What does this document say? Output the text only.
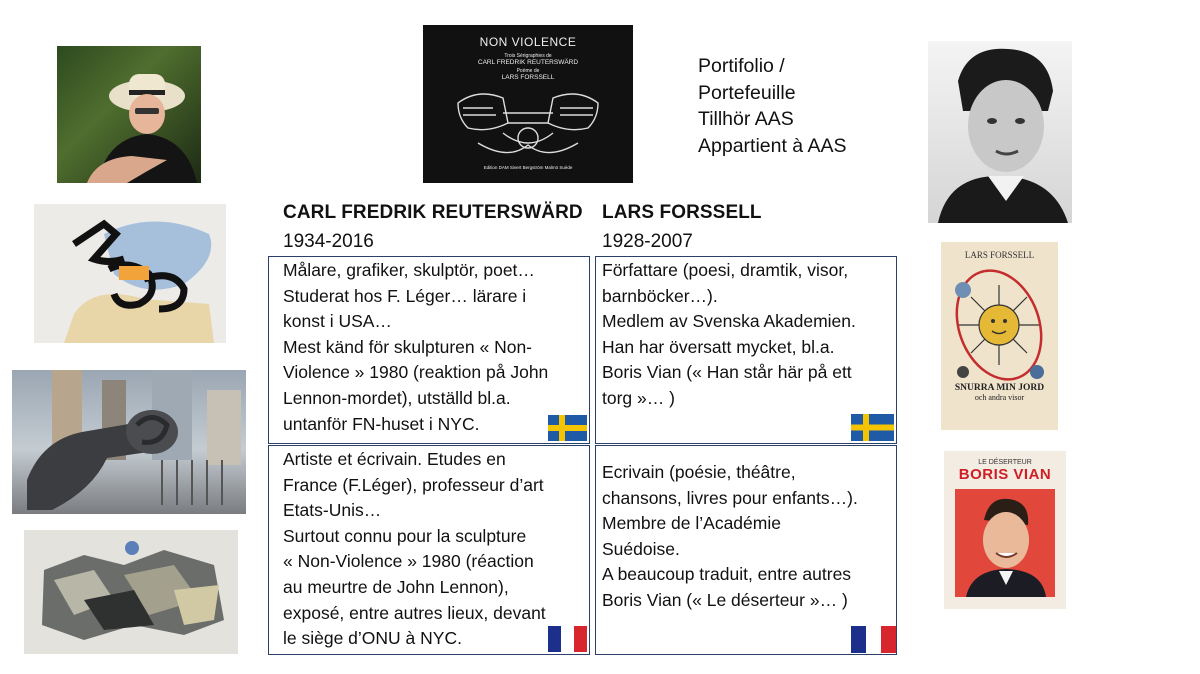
NON VIOLENCE
Trois Sérigraphies de
CARL FREDRIK REUTERSWÄRD
Poème de
LARS FORSSELL
Edition DAM Sivert Bergström Malmö Suède
Portifolio /
Portefeuille
Tillhör AAS
Appartient à AAS
LARS FORSSELL
SNURRA MIN JORD
och andra visor
LE DÉSERTEUR
BORIS VIAN
CARL FREDRIK REUTERSWÄRD
1934-2016
LARS FORSSELL
1928-2007
Målare, grafiker, skulptör, poet…
Studerat hos F. Léger… lärare i
konst i USA…
Mest känd för skulpturen « Non-
Violence » 1980 (reaktion på John
Lennon-mordet), utställd bl.a.
untanför FN-huset i NYC.
Författare (poesi, dramtik, visor,
barnböcker…).
Medlem av Svenska Akademien.
Han har översatt mycket, bl.a.
Boris Vian (« Han står här på ett
torg »… )
Artiste et écrivain. Etudes en
France (F.Léger), professeur d’art
Etats-Unis…
Surtout connu pour la sculpture
« Non-Violence » 1980 (réaction
au meurtre de John Lennon),
exposé, entre autres lieux, devant
le siège d’ONU à NYC.
Ecrivain (poésie, théâtre,
chansons, livres pour enfants…).
Membre de l’Académie
Suédoise.
A beaucoup traduit, entre autres
Boris Vian (« Le déserteur »… )
